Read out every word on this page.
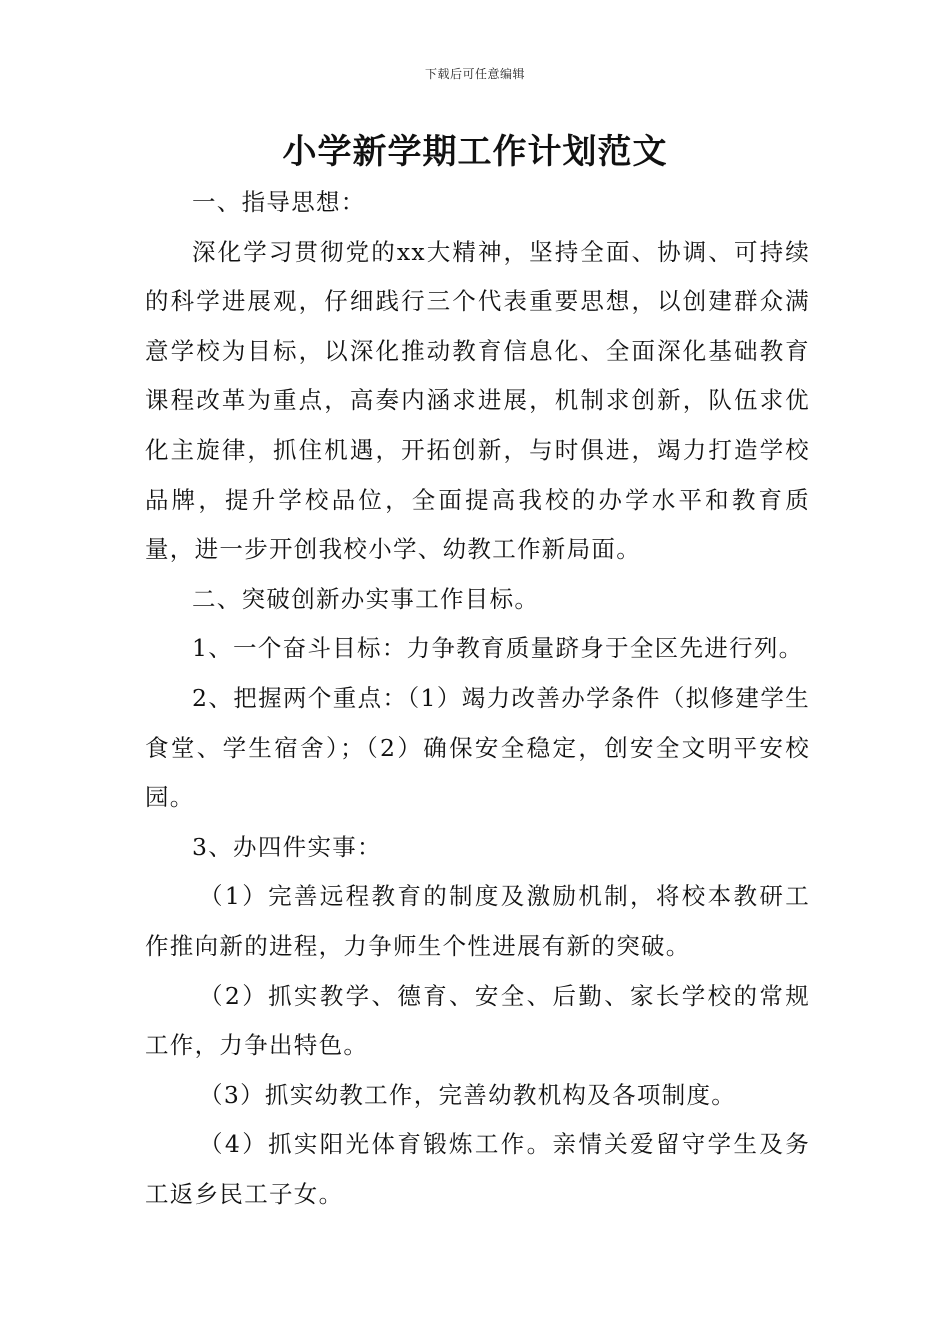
下载后可任意编辑
小学新学期工作计划范文

一、指导思想：

深化学习贯彻党的xx大精神，坚持全面、协调、可持续的科学进展观，仔细践行三个代表重要思想，以创建群众满意学校为目标，以深化推动教育信息化、全面深化基础教育课程改革为重点，高奏内涵求进展，机制求创新，队伍求优化主旋律，抓住机遇，开拓创新，与时俱进，竭力打造学校品牌，提升学校品位，全面提高我校的办学水平和教育质量，进一步开创我校小学、幼教工作新局面。

二、突破创新办实事工作目标。

1、一个奋斗目标：力争教育质量跻身于全区先进行列。

2、把握两个重点：（1）竭力改善办学条件（拟修建学生食堂、学生宿舍）；（2）确保安全稳定，创安全文明平安校园。

3、办四件实事：

（1）完善远程教育的制度及激励机制，将校本教研工作推向新的进程，力争师生个性进展有新的突破。

（2）抓实教学、德育、安全、后勤、家长学校的常规工作，力争出特色。

（3）抓实幼教工作，完善幼教机构及各项制度。

（4）抓实阳光体育锻炼工作。亲情关爱留守学生及务工返乡民工子女。
